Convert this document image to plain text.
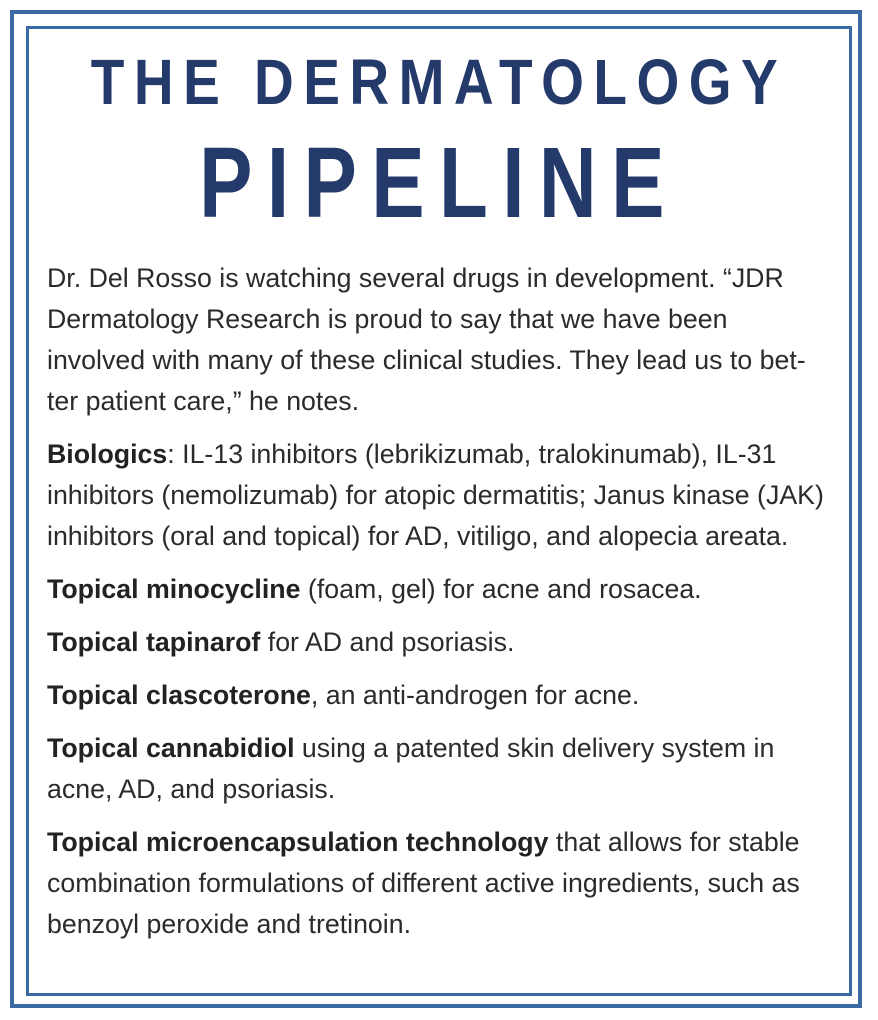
THE DERMATOLOGY
PIPELINE
Dr. Del Rosso is watching several drugs in development. “JDR
Dermatology Research is proud to say that we have been
involved with many of these clinical studies. They lead us to bet-
ter patient care,” he notes.
Biologics: IL-13 inhibitors (lebrikizumab, tralokinumab), IL-31
inhibitors (nemolizumab) for atopic dermatitis; Janus kinase (JAK)
inhibitors (oral and topical) for AD, vitiligo, and alopecia areata.
Topical minocycline (foam, gel) for acne and rosacea.
Topical tapinarof for AD and psoriasis.
Topical clascoterone, an anti-androgen for acne.
Topical cannabidiol using a patented skin delivery system in
acne, AD, and psoriasis.
Topical microencapsulation technology that allows for stable
combination formulations of different active ingredients, such as
benzoyl peroxide and tretinoin.
